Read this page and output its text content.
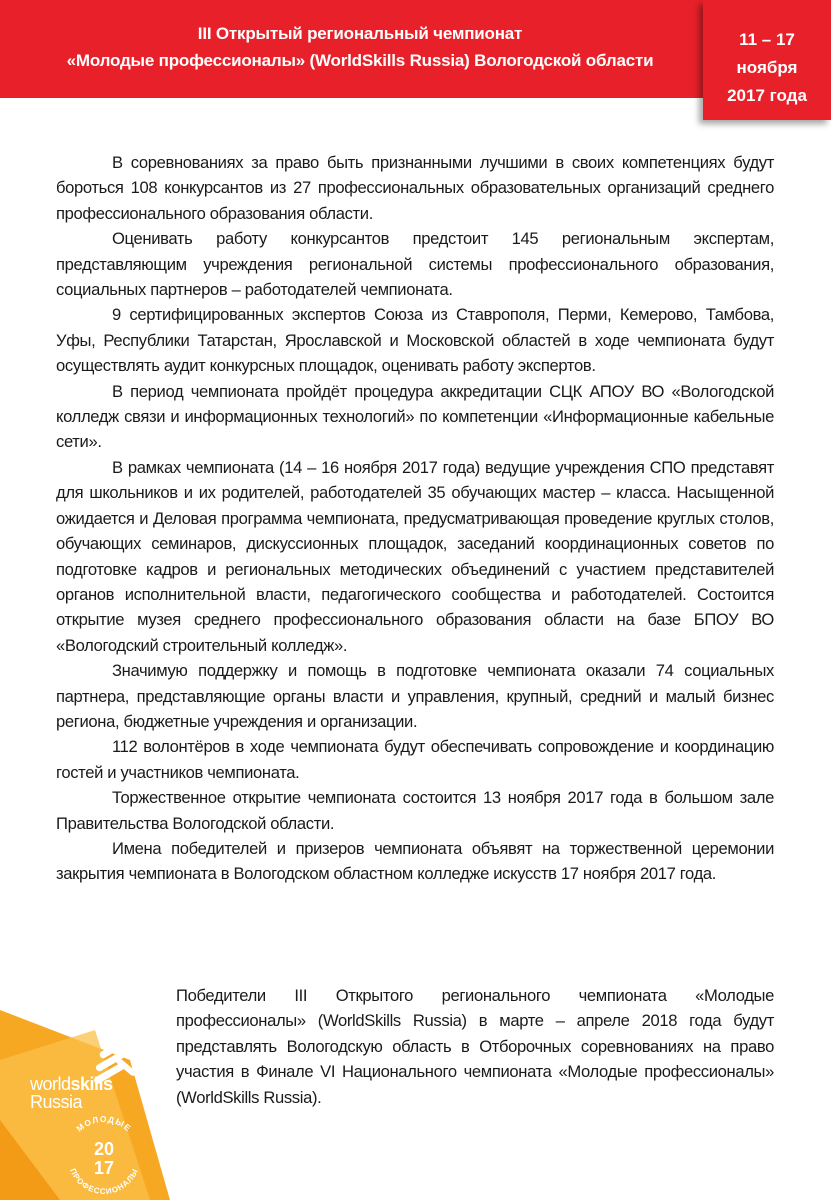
III Открытый региональный чемпионат
«Молодые профессионалы» (WorldSkills Russia) Вологодской области
11 – 17
ноября
2017 года

В соревнованиях за право быть признанными лучшими в своих компетенциях будут бороться 108 конкурсантов из 27 профессиональных образовательных организаций среднего профессионального образования области.

Оценивать работу конкурсантов предстоит 145 региональным экспертам, представляющим учреждения региональной системы профессионального образования, социальных партнеров – работодателей чемпионата.

9 сертифицированных экспертов Союза из Ставрополя, Перми, Кемерово, Тамбова, Уфы, Республики Татарстан, Ярославской и Московской областей в ходе чемпионата будут осуществлять аудит конкурсных площадок, оценивать работу экспертов.

В период чемпионата пройдёт процедура аккредитации СЦК АПОУ ВО «Вологодской колледж связи и информационных технологий» по компетенции «Информационные кабельные сети».

В рамках чемпионата (14 – 16 ноября 2017 года) ведущие учреждения СПО представят для школьников и их родителей, работодателей 35 обучающих мастер – класса. Насыщенной ожидается и Деловая программа чемпионата, предусматривающая проведение круглых столов, обучающих семинаров, дискуссионных площадок, заседаний координационных советов по подготовке кадров и региональных методических объединений с участием представителей органов исполнительной власти, педагогического сообщества и работодателей. Состоится открытие музея среднего профессионального образования области на базе БПОУ ВО «Вологодский строительный колледж».

Значимую поддержку и помощь в подготовке чемпионата оказали 74 социальных партнера, представляющие органы власти и управления, крупный, средний и малый бизнес региона, бюджетные учреждения и организации.

112 волонтёров в ходе чемпионата будут обеспечивать сопровождение и координацию гостей и участников чемпионата.

Торжественное открытие чемпионата состоится 13 ноября 2017 года в большом зале Правительства Вологодской области.

Имена победителей и призеров чемпионата объявят на торжественной церемонии закрытия чемпионата в Вологодском областном колледже искусств 17 ноября 2017 года.

Победители III Открытого регионального чемпионата «Молодые профессионалы» (WorldSkills Russia) в марте – апреле 2018 года будут представлять Вологодскую область в Отборочных соревнованиях на право участия в Финале VI Национального чемпионата «Молодые профессионалы» (WorldSkills Russia).

worldskills
Russia
МОЛОДЫЕ
ПРОФЕССИОНАЛЫ
20
17
